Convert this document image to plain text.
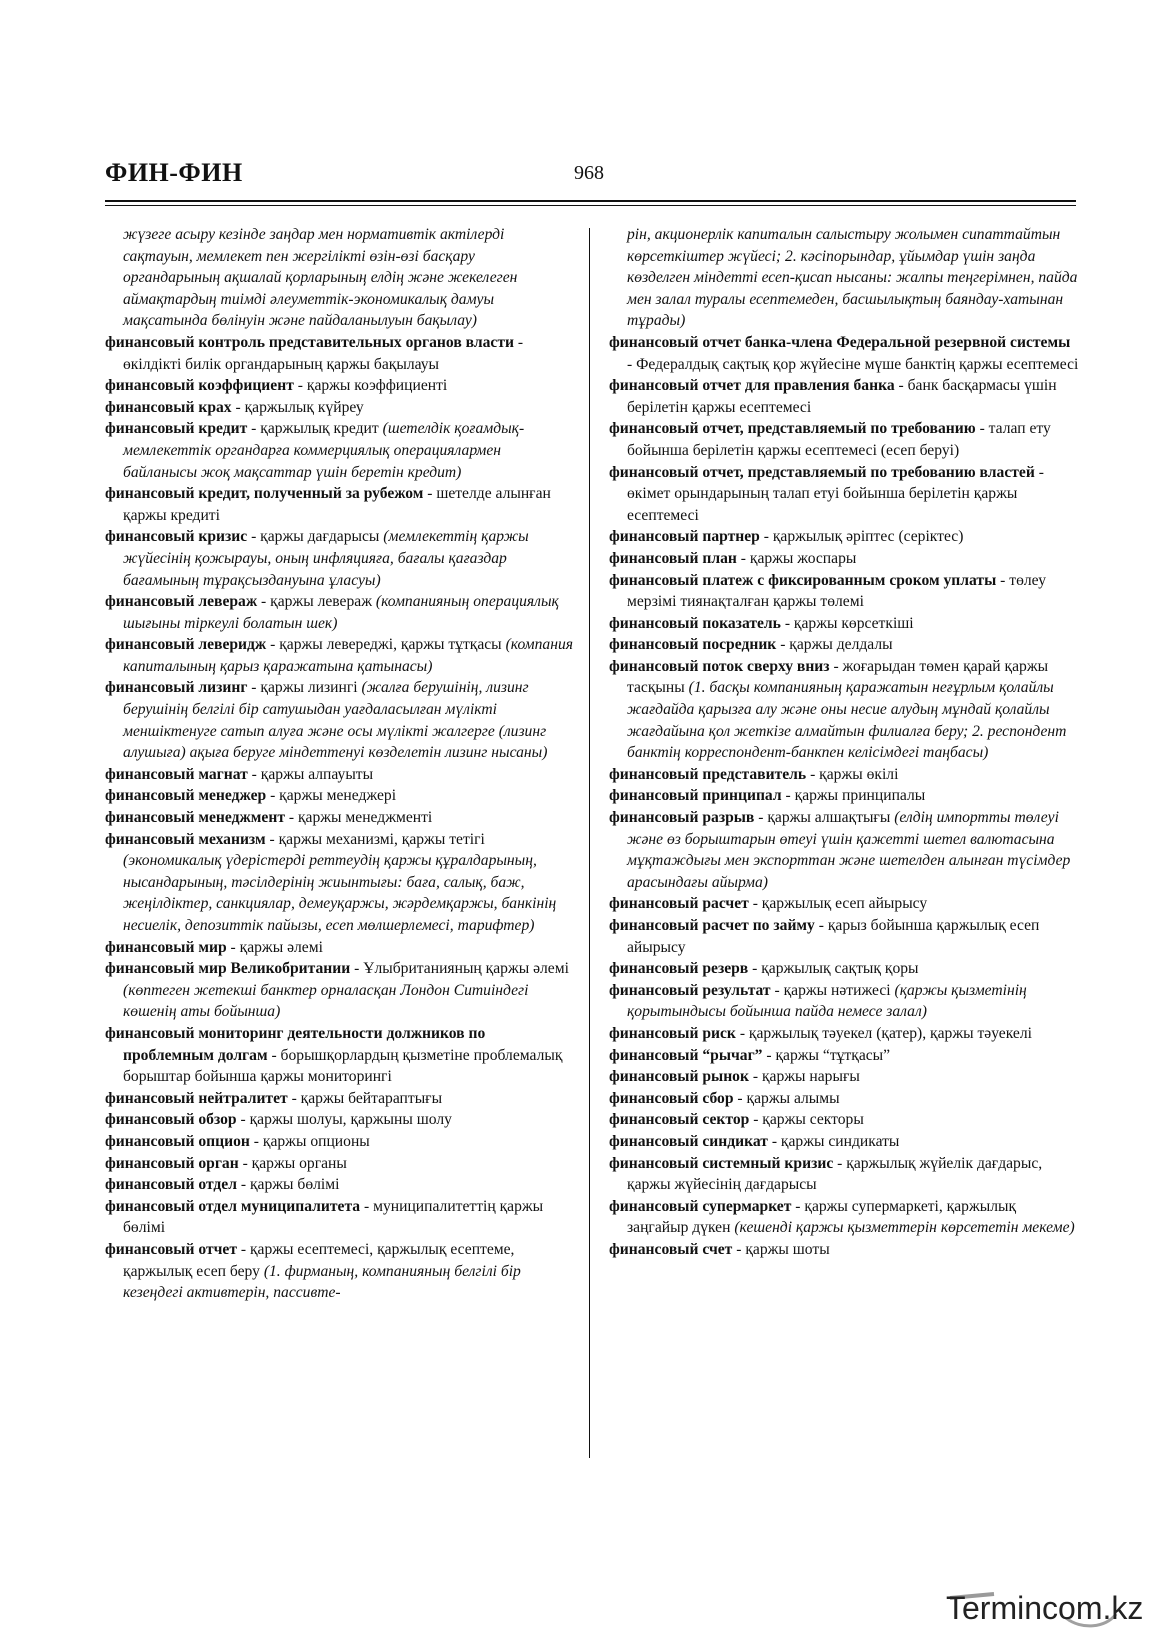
ФИН-ФИН	968

жүзеге асыру кезінде заңдар мен нормативтік актілерді сақтауын, мемлекет пен жергілікті өзін-өзі басқару органдарының ақшалай қорларының елдің және жекелеген аймақтардың тиімді әлеуметтік-экономикалық дамуы мақсатында бөлінуін және пайдаланылуын бақылау)

финансовый контроль представительных органов власти - өкілдікті билік органдарының қаржы бақылауы

финансовый коэффициент - қаржы коэффициенті

финансовый крах - қаржылық күйреу

финансовый кредит - қаржылық кредит (шетелдік қоғамдық-мемлекеттік органдарға коммерциялық операциялармен байланысы жоқ мақсаттар үшін беретін кредит)

финансовый кредит, полученный за рубежом - шетелде алынған қаржы кредиті

финансовый кризис - қаржы дағдарысы (мемлекеттің қаржы жүйесінің қожырауы, оның инфляцияға, бағалы қағаздар бағамының тұрақсыздануына ұласуы)

финансовый левераж - қаржы левераж (компанияның операциялық шығыны тіркеулі болатын шек)

финансовый леверидж - қаржы левереджі, қаржы тұтқасы (компания капиталының қарыз қаражатына қатынасы)

финансовый лизинг - қаржы лизингі (жалға берушінің, лизинг берушінің белгілі бір сатушыдан уағдаласылған мүлікті меншіктенуге сатып алуға және осы мүлікті жалгерге (лизинг алушыға) ақыға беруге міндеттенуі көзделетін лизинг нысаны)

финансовый магнат - қаржы алпауыты

финансовый менеджер - қаржы менеджері

финансовый менеджмент - қаржы менеджменті

финансовый механизм - қаржы механизмі, қаржы тетігі (экономикалық үдерістерді реттеудің қаржы құралдарының, нысандарының, тәсілдерінің жиынтығы: баға, салық, баж, жеңілдіктер, санкциялар, демеуқаржы, жәрдемқаржы, банкінің несиелік, депозиттік пайызы, есеп мөлшерлемесі, тарифтер)

финансовый мир - қаржы әлемі

финансовый мир Великобритании - Ұлыбританияның қаржы әлемі (көптеген жетекші банктер орналасқан Лондон Ситиіндегі көшенің аты бойынша)

финансовый мониторинг деятельности должников по проблемным долгам - борышқорлардың қызметіне проблемалық борыштар бойынша қаржы мониторингі

финансовый нейтралитет - қаржы бейтараптығы

финансовый обзор - қаржы шолуы, қаржыны шолу

финансовый опцион - қаржы опционы

финансовый орган - қаржы органы

финансовый отдел - қаржы бөлімі

финансовый отдел муниципалитета - муниципалитеттің қаржы бөлімі

финансовый отчет - қаржы есептемесі, қаржылық есептеме, қаржылық есеп беру (1. фирманың, компанияның белгілі бір кезеңдегі активтерін, пассивте-

рін, акционерлік капиталын салыстыру жолымен сипаттайтын көрсеткіштер жүйесі; 2. кәсіпорындар, ұйымдар үшін заңда көзделген міндетті есеп-қисап нысаны: жалпы теңгерімнен, пайда мен залал туралы есептемеден, басшылықтың баяндау-хатынан тұрады)

финансовый отчет банка-члена Федеральной резервной системы - Федералдық сақтық қор жүйесіне мүше банктің қаржы есептемесі

финансовый отчет для правления банка - банк басқармасы үшін берілетін қаржы есептемесі

финансовый отчет, представляемый по требованию - талап ету бойынша берілетін қаржы есептемесі (есеп беруі)

финансовый отчет, представляемый по требованию властей - өкімет орындарының талап етуі бойынша берілетін қаржы есептемесі

финансовый партнер - қаржылық әріптес (серіктес)

финансовый план - қаржы жоспары

финансовый платеж с фиксированным сроком уплаты - төлеу мерзімі тиянақталған қаржы төлемі

финансовый показатель - қаржы көрсеткіші

финансовый посредник - қаржы делдалы

финансовый поток сверху вниз - жоғарыдан төмен қарай қаржы тасқыны (1. басқы компанияның қаражатын неғұрлым қолайлы жағдайда қарызға алу және оны несие алудың мұндай қолайлы жағдайына қол жеткізе алмайтын филиалға беру; 2. респондент банктің корреспондент-банкпен келісімдегі таңбасы)

финансовый представитель - қаржы өкілі

финансовый принципал - қаржы принципалы

финансовый разрыв - қаржы алшақтығы (елдің импортты төлеуі және өз борыштарын өтеуі үшін қажетті шетел валютасына мұқтаждығы мен экспорттан және шетелден алынған түсімдер арасындағы айырма)

финансовый расчет - қаржылық есеп айырысу

финансовый расчет по займу - қарыз бойынша қаржылық есеп айырысу

финансовый резерв - қаржылық сақтық қоры

финансовый результат - қаржы нәтижесі (қаржы қызметінің қорытындысы бойынша пайда немесе залал)

финансовый риск - қаржылық тәуекел (қатер), қаржы тәуекелі

финансовый “рычаг” - қаржы “тұтқасы”

финансовый рынок - қаржы нарығы

финансовый сбор - қаржы алымы

финансовый сектор - қаржы секторы

финансовый синдикат - қаржы синдикаты

финансовый системный кризис - қаржылық жүйелік дағдарыс, қаржы жүйесінің дағдарысы

финансовый супермаркет - қаржы супермаркеті, қаржылық заңгайыр дүкен (кешенді қаржы қызметтерін көрсететін мекеме)

финансовый счет - қаржы шоты

Termincom.kz
